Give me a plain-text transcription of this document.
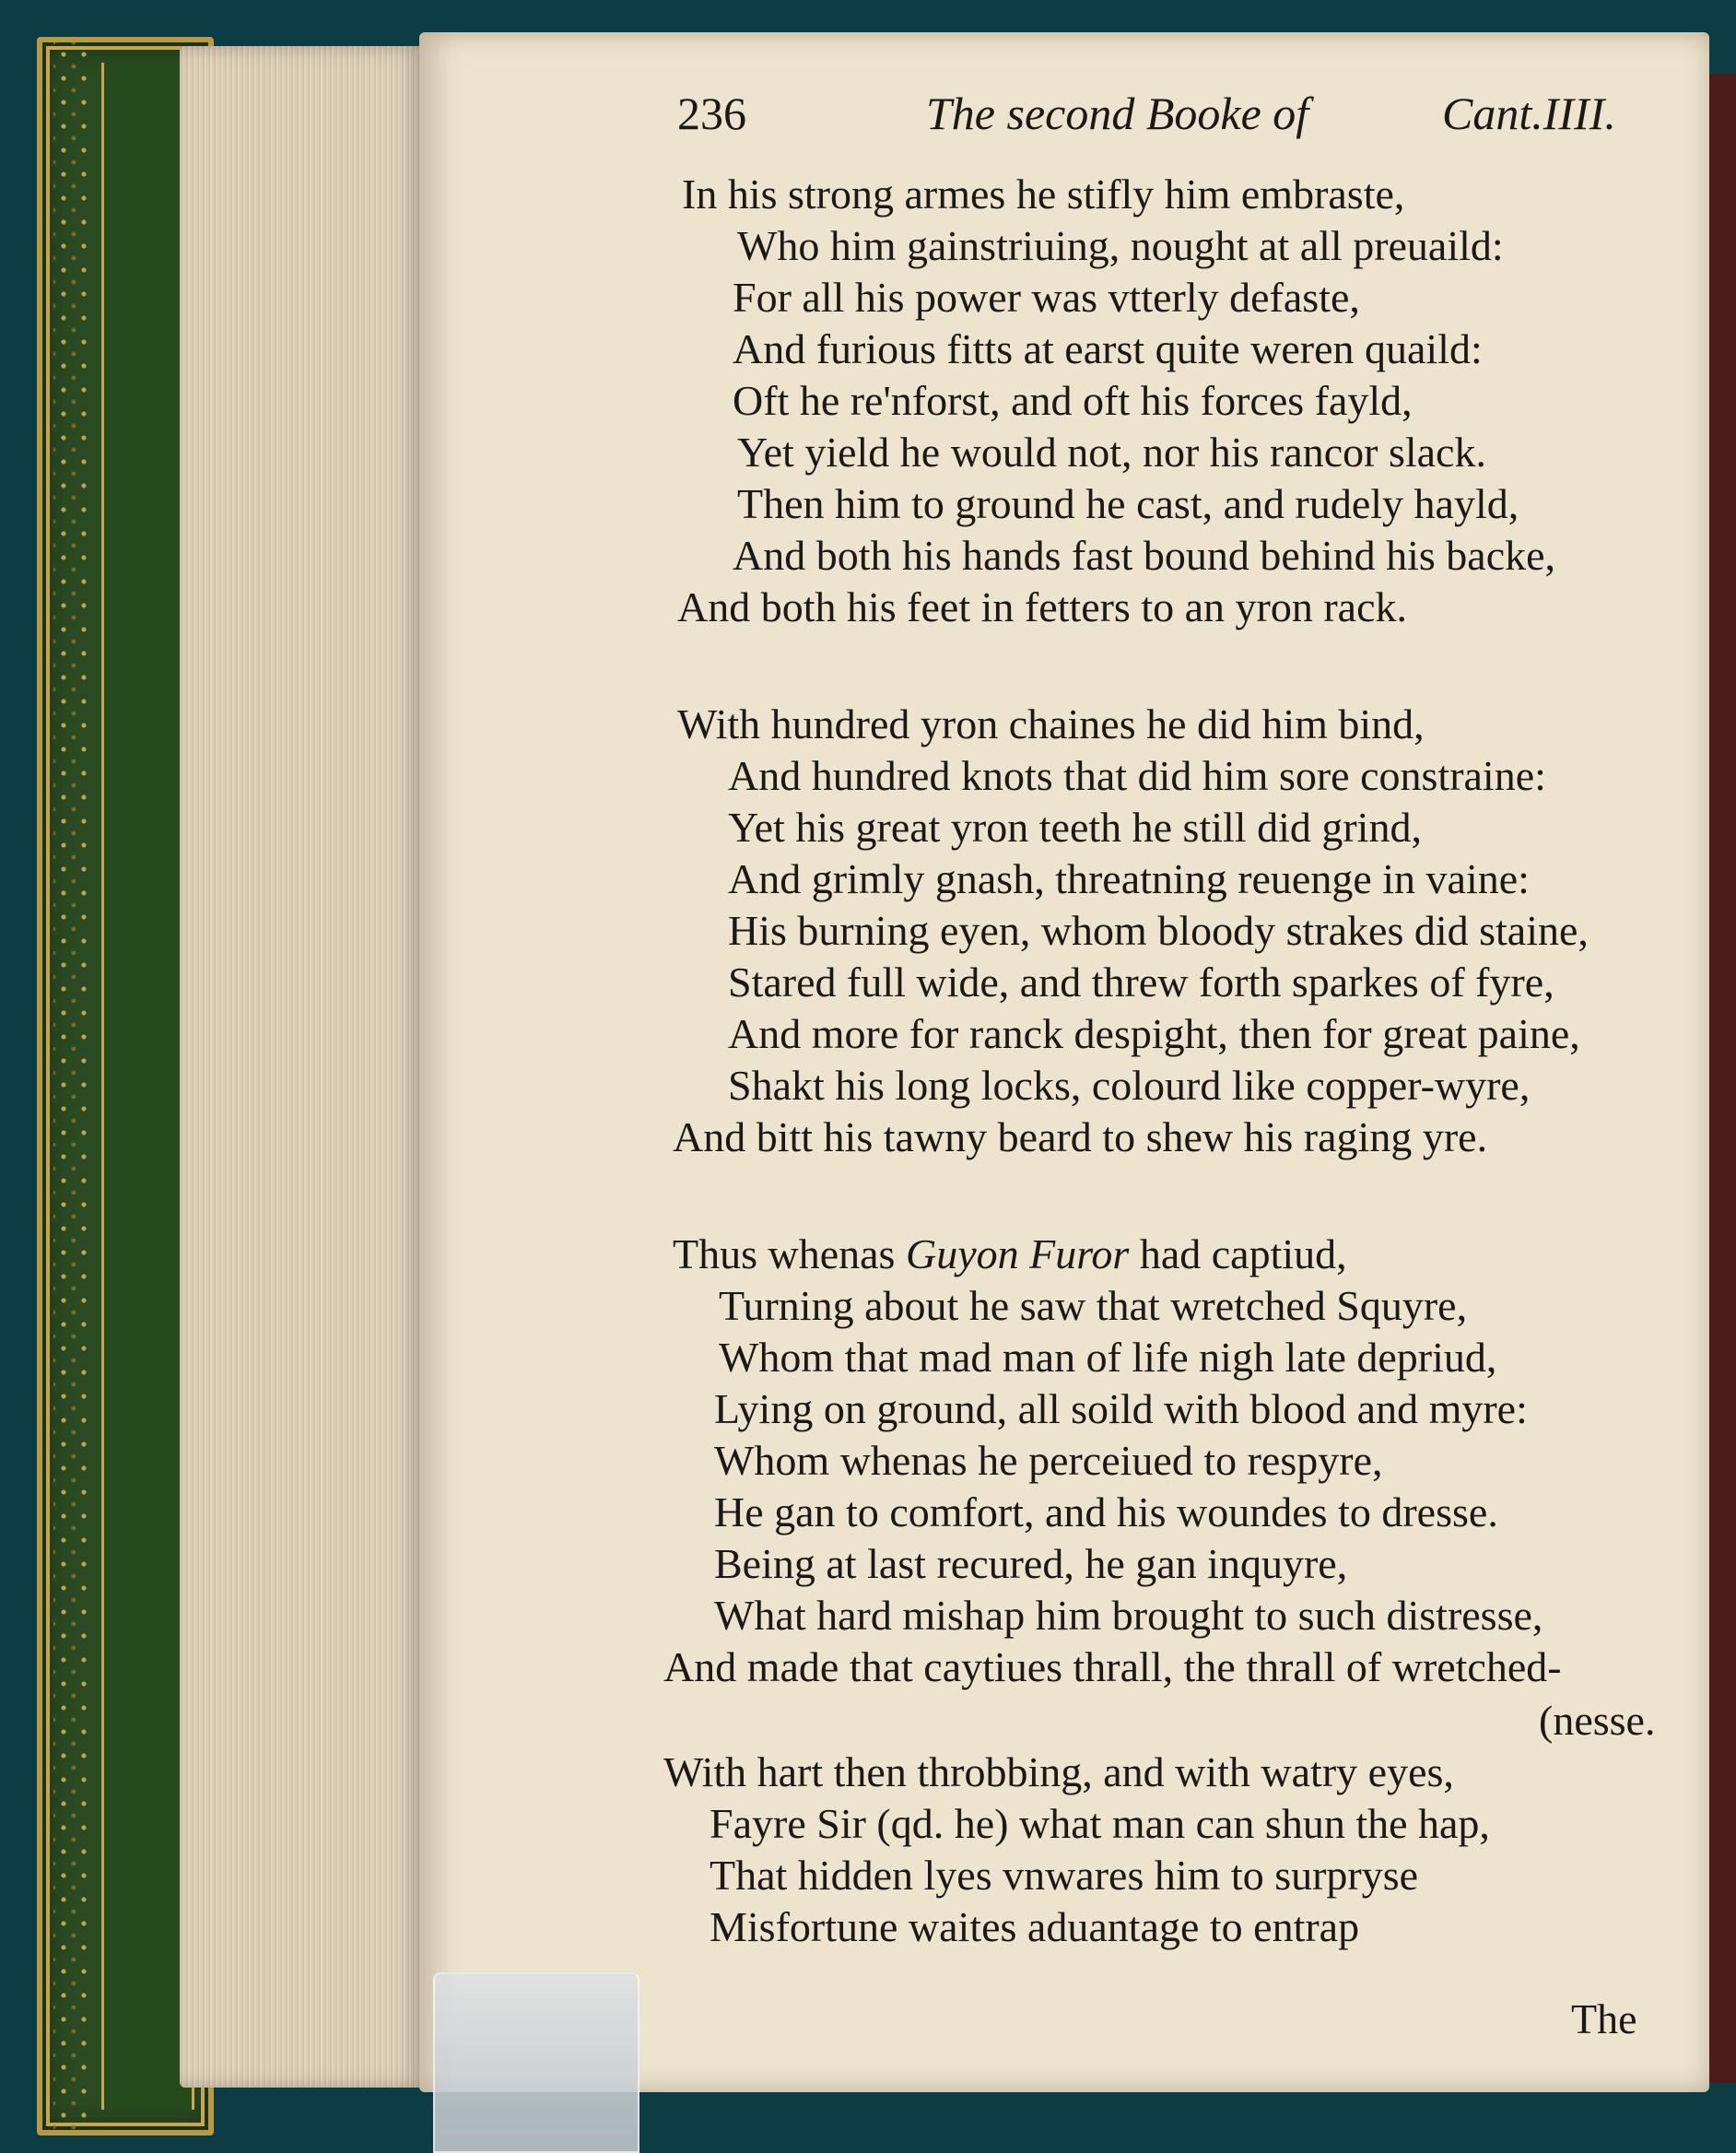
236	The second Booke of	Cant.IIII.
In his strong armes he stifly him embraste,
Who him gainstriuing, nought at all preuaild:
For all his power was vtterly defaste,
And furious fitts at earst quite weren quaild:
Oft he re'nforst, and oft his forces fayld,
Yet yield he would not, nor his rancor slack.
Then him to ground he cast, and rudely hayld,
And both his hands fast bound behind his backe,
And both his feet in fetters to an yron rack.
With hundred yron chaines he did him bind,
And hundred knots that did him sore constraine:
Yet his great yron teeth he still did grind,
And grimly gnash, threatning reuenge in vaine:
His burning eyen, whom bloody strakes did staine,
Stared full wide, and threw forth sparkes of fyre,
And more for ranck despight, then for great paine,
Shakt his long locks, colourd like copper-wyre,
And bitt his tawny beard to shew his raging yre.
Thus whenas Guyon Furor had captiud,
Turning about he saw that wretched Squyre,
Whom that mad man of life nigh late depriud,
Lying on ground, all soild with blood and myre:
Whom whenas he perceiued to respyre,
He gan to comfort, and his woundes to dresse.
Being at last recured, he gan inquyre,
What hard mishap him brought to such distresse,
And made that caytiues thrall, the thrall of wretched-
(nesse.
With hart then throbbing, and with watry eyes,
Fayre Sir (qd. he) what man can shun the hap,
That hidden lyes vnwares him to surpryse
Misfortune waites aduantage to entrap
The
